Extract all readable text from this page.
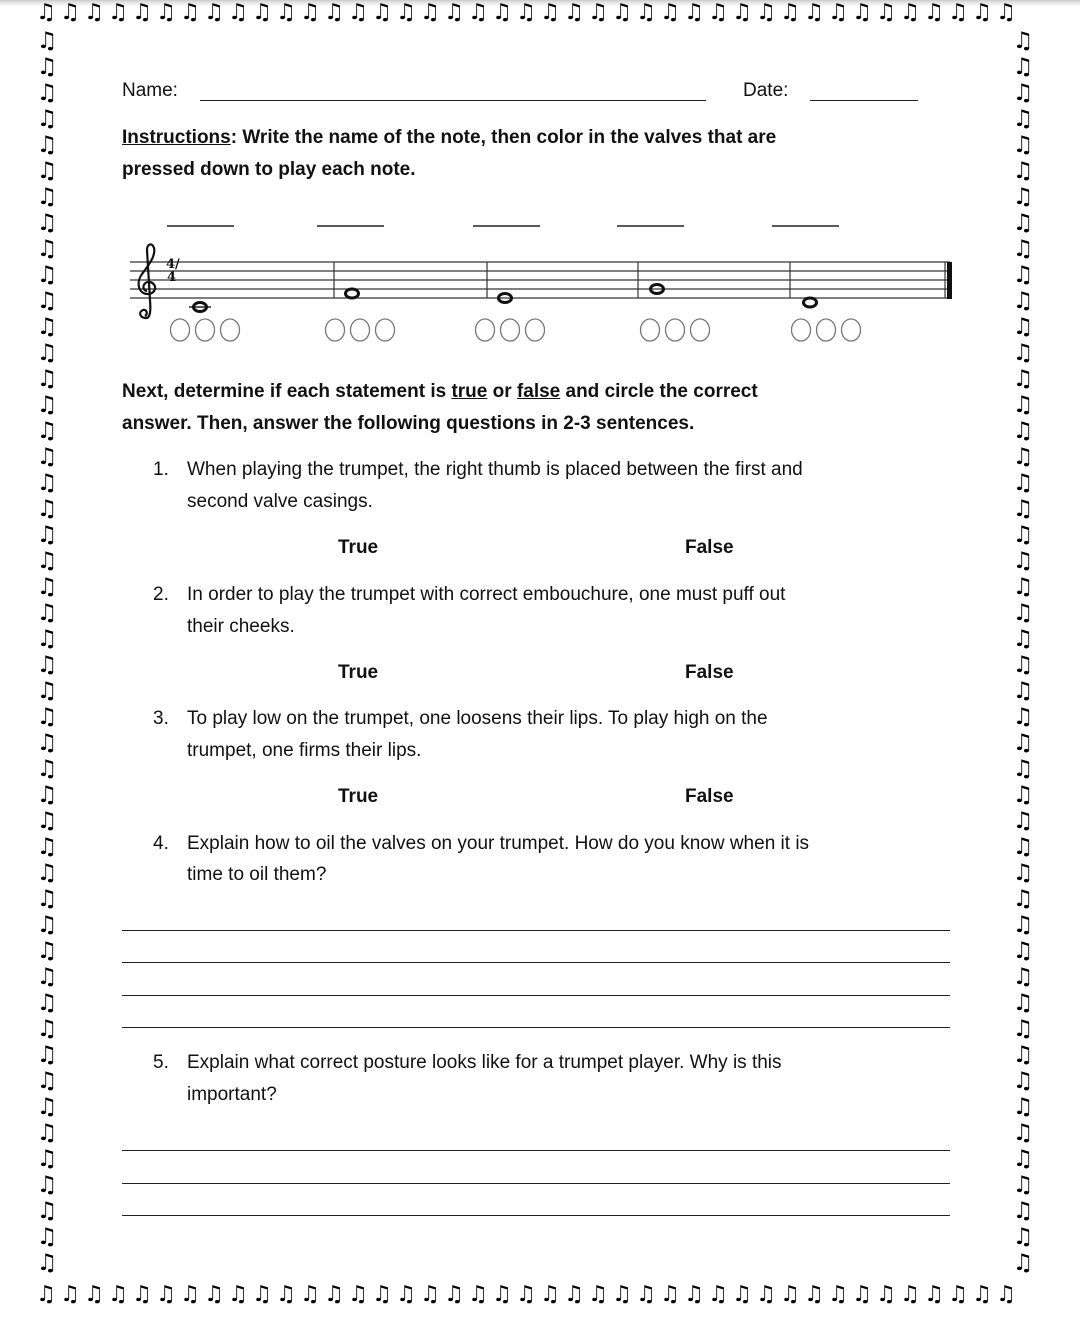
♫ ♫ ♫ ♫ ♫ ♫ ♫ ♫ ♫ ♫ ♫ ♫ ♫ ♫ ♫ ♫ ♫ ♫ ♫ ♫ ♫ ♫ ♫ ♫ ♫ ♫ ♫ ♫ ♫ ♫ ♫ ♫ ♫ ♫ ♫ ♫ ♫ ♫ ♫ ♫ ♫
♫
♫
♫
♫
♫
♫
♫
♫
♫
♫
♫
♫
♫
♫
♫
♫
♫
♫
♫
♫
♫
♫
♫
♫
♫
♫
♫
♫
♫
♫
♫
♫
♫
♫
♫
♫
♫
♫
♫
♫
♫
♫
♫
♫
♫
♫
♫
♫
♫
♫
♫
♫
♫
♫
♫
♫
♫
♫
♫
♫
♫
♫
♫
♫
♫
♫
♫
♫
♫
♫
♫
♫
♫
♫
♫
♫
♫
♫
♫
♫
♫
♫
♫
♫
♫
♫
♫
♫
♫
♫
♫
♫
♫
♫
♫
♫
♫ ♫ ♫ ♫ ♫ ♫ ♫ ♫ ♫ ♫ ♫ ♫ ♫ ♫ ♫ ♫ ♫ ♫ ♫ ♫ ♫ ♫ ♫ ♫ ♫ ♫ ♫ ♫ ♫ ♫ ♫ ♫ ♫ ♫ ♫ ♫ ♫ ♫ ♫ ♫ ♫
Name:	Date:
Instructions: Write the name of the note, then color in the valves that are
pressed down to play each note.
4/4
Next, determine if each statement is true or false and circle the correct
answer. Then, answer the following questions in 2-3 sentences.
1. When playing the trumpet, the right thumb is placed between the first and
second valve casings.
True	False
2. In order to play the trumpet with correct embouchure, one must puff out
their cheeks.
True	False
3. To play low on the trumpet, one loosens their lips. To play high on the
trumpet, one firms their lips.
True	False
4. Explain how to oil the valves on your trumpet. How do you know when it is
time to oil them?
5. Explain what correct posture looks like for a trumpet player. Why is this
important?
